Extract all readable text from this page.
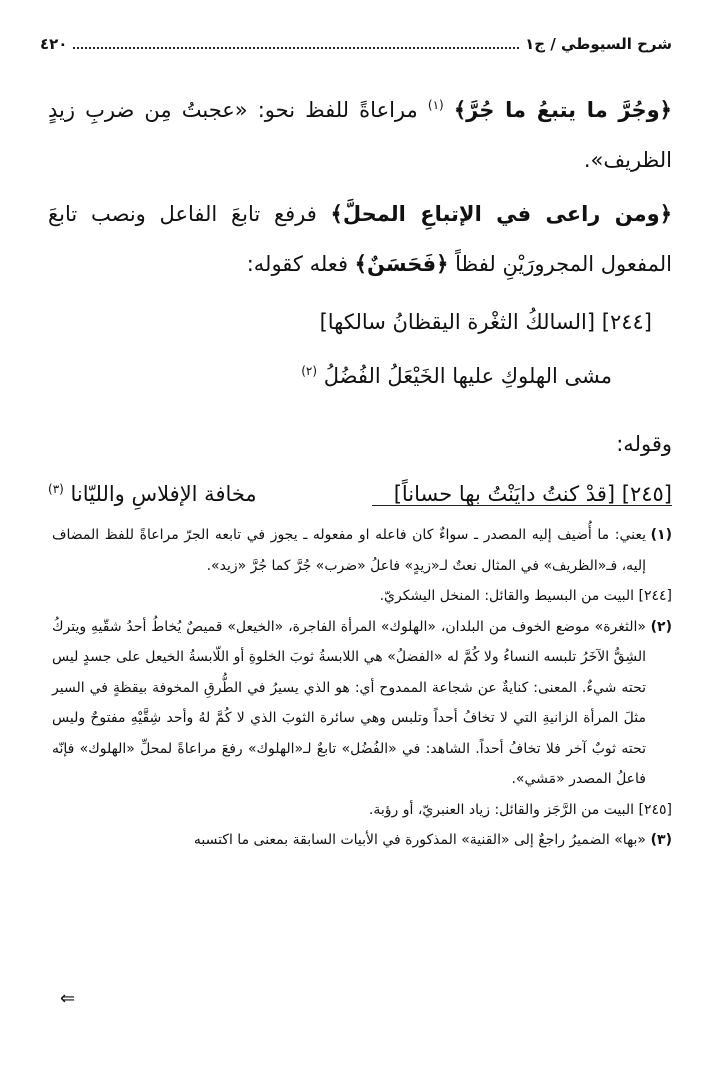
شرح السيوطي / ج١
٤٢٠

﴿وجُرَّ ما يتبعُ ما جُرَّ﴾ $^{(١)}$ مراعاةً للفظ نحو: «عجبتُ مِن ضربِ زيدٍ الظريف».

﴿ومن راعى في الإتباعِ المحلَّ﴾ فرفع تابعَ الفاعل ونصب تابعَ المفعول المجرورَيْنِ لفظاً ﴿فَحَسَنٌ﴾ فعله كقوله:

[٢٤٤] [السالكُ الثغْرة اليقظانُ سالكها]

مشى الهلوكِ عليها الخَيْعَلُ الفُضُلُ $^{(٢)}$

وقوله:

[٢٤٥] [قدْ كنتُ دايَنْتُ بها حساناً]
مخافة الإفلاسِ والليّانا $^{(٣)}$

(١)
يعني: ما أُضيف إليه المصدر ـ سواءٌ كان فاعله او مفعوله ـ يجوز في تابعه الجرّ مراعاةً للفظ المضاف إليه، فـ«الظريف» في المثال نعتٌ لـ«زيدٍ» فاعلُ «ضرب» جُرَّ كما جُرَّ «زيد».

[٢٤٤] البيت من البسيط والقائل: المنخل اليشكريّ.

(٢)
«الثغرة» موضع الخوف من البلدان، «الهلوك» المرأة الفاجرة، «الخيعل» قميصٌ يُخاطُ أحدُ شقّيهِ ويتركُ الشِقُّ الآخَرُ تلبسه النساءُ ولا كُمَّ له «الفضلُ» هي اللابسةُ ثوبَ الخلوةِ أو اللّابسةُ الخيعل على جسدٍ ليس تحته شيءٌ. المعنى: كنايةٌ عن شجاعة الممدوح أي: هو الذي يسيرُ في الطُّرقِ المخوفة بيقظةٍ في السير مثلَ المرأة الزانيةِ التي لا تخافُ أحداً وتلبس وهي سائرة الثوبَ الذي لا كُمَّ لهُ وأحد شِقَّيْهِ مفتوحٌ وليس تحته ثوبٌ آخر فلا تخافُ أحداً. الشاهد: في «الفُضُل» تابعٌ لـ«الهلوك» رفعَ مراعاةً لمحلِّ «الهلوك» فإنّه فاعلُ المصدر «مَشي».

[٢٤٥] البيت من الرَّجَز والقائل: زياد العنبريّ، أو رؤبة.

(٣)
«بها» الضميرُ راجعٌ إلى «القنية» المذكورة في الأبيات السابقة بمعنى ما اكتسبه

⇐
